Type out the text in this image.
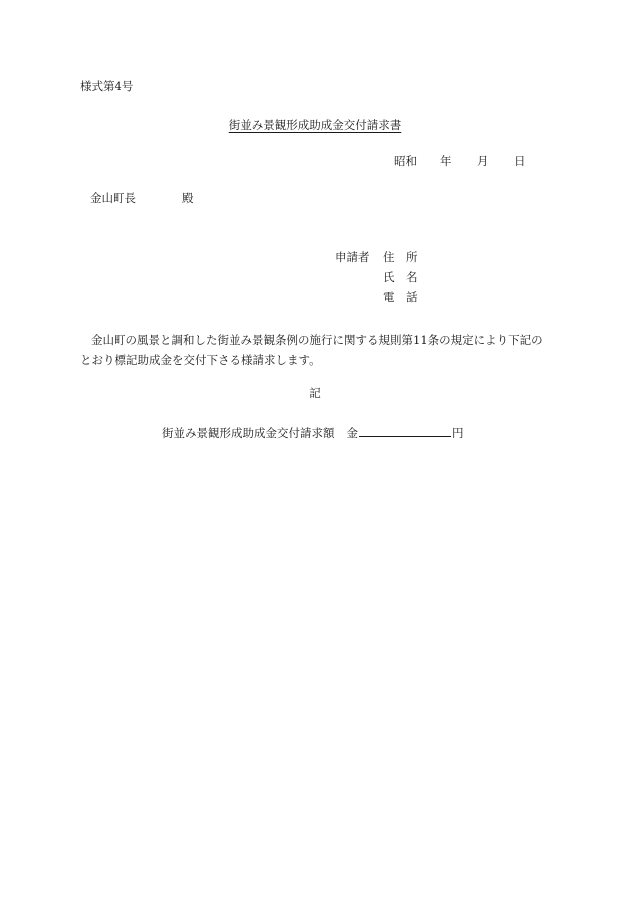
様式第4号
街並み景観形成助成金交付請求書
昭和	年	月	日
金山町長	殿
申請者 住 所
氏 名
電 話
金山町の風景と調和した街並み景観条例の施行に関する規則第11条の規定により下記のとおり標記助成金を交付下さる様請求します。
記
街並み景観形成助成金交付請求額 金	円
